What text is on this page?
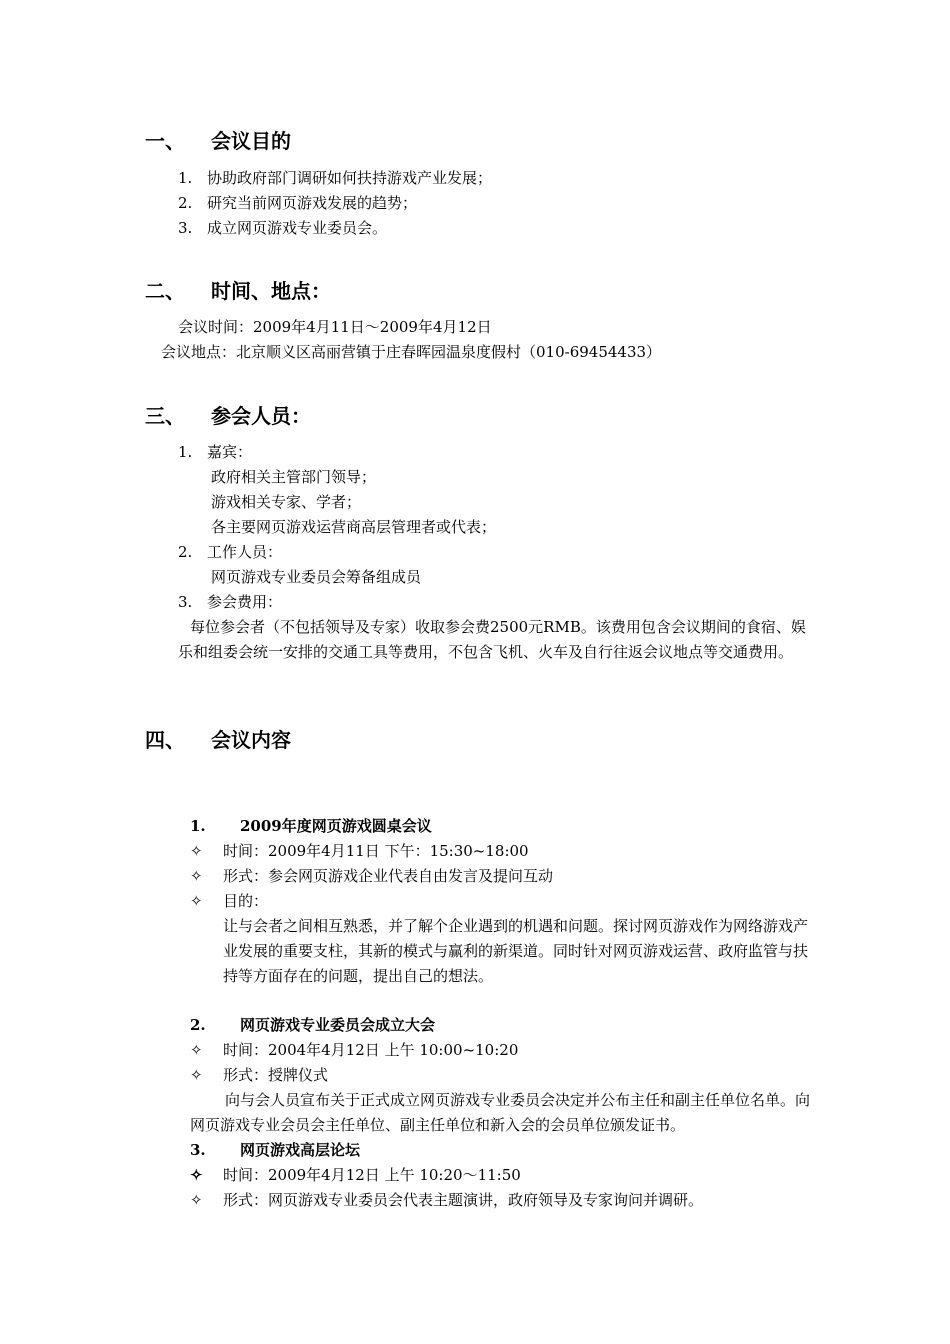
一、 会议目的
1. 协助政府部门调研如何扶持游戏产业发展；
2. 研究当前网页游戏发展的趋势；
3. 成立网页游戏专业委员会。
二、 时间、地点：
会议时间：2009年4月11日～2009年4月12日
会议地点：北京顺义区高丽营镇于庄春晖园温泉度假村（010-69454433）
三、 参会人员：
1. 嘉宾：
政府相关主管部门领导；
游戏相关专家、学者；
各主要网页游戏运营商高层管理者或代表；
2. 工作人员：
网页游戏专业委员会筹备组成员
3. 参会费用：
每位参会者（不包括领导及专家）收取参会费2500元RMB。该费用包含会议期间的食宿、娱乐和组委会统一安排的交通工具等费用，不包含飞机、火车及自行往返会议地点等交通费用。
四、 会议内容
1. 2009年度网页游戏圆桌会议
✧ 时间：2009年4月11日 下午：15:30~18:00
✧ 形式：参会网页游戏企业代表自由发言及提问互动
✧ 目的：
让与会者之间相互熟悉，并了解个企业遇到的机遇和问题。探讨网页游戏作为网络游戏产业发展的重要支柱，其新的模式与赢利的新渠道。同时针对网页游戏运营、政府监管与扶持等方面存在的问题，提出自己的想法。
2. 网页游戏专业委员会成立大会
✧ 时间：2004年4月12日 上午 10:00~10:20
✧ 形式：授牌仪式
向与会人员宣布关于正式成立网页游戏专业委员会决定并公布主任和副主任单位名单。向网页游戏专业会员会主任单位、副主任单位和新入会的会员单位颁发证书。
3. 网页游戏高层论坛
✧ 时间：2009年4月12日 上午 10:20～11:50
✧ 形式：网页游戏专业委员会代表主题演讲，政府领导及专家询问并调研。
